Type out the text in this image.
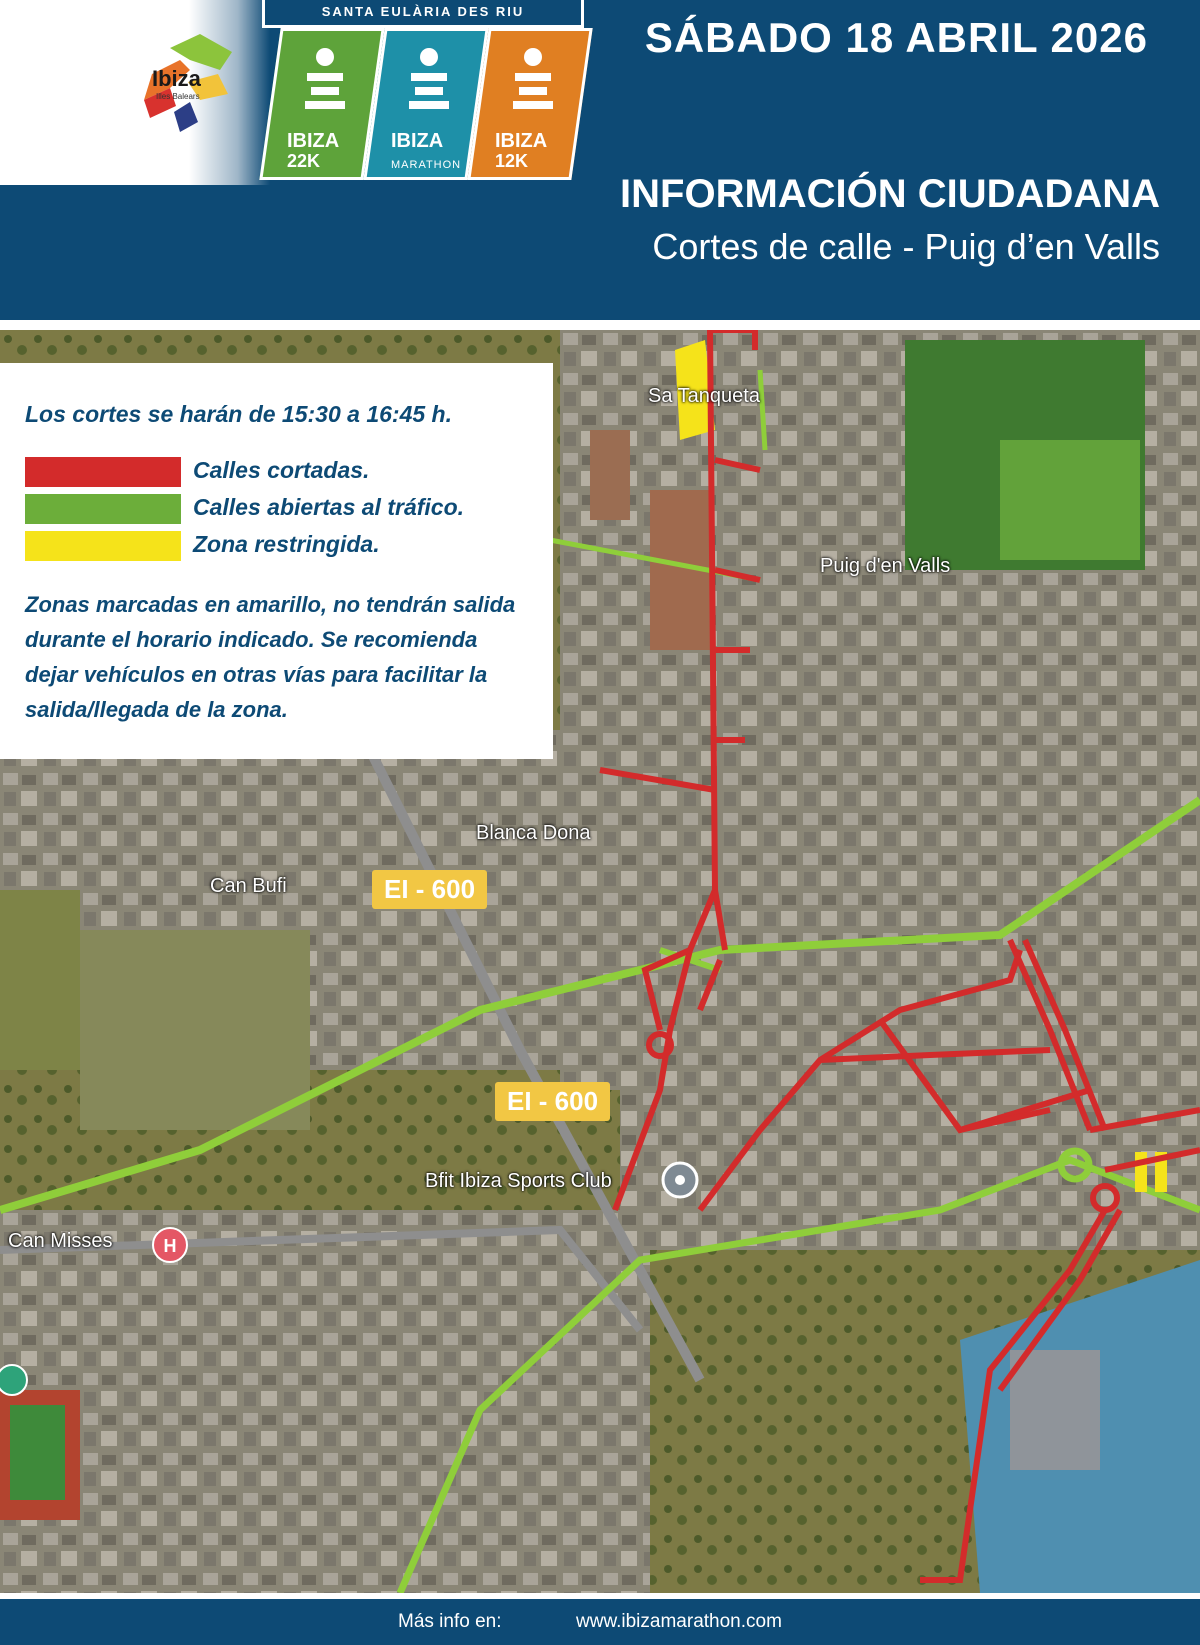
Ibiza
Illes Balears
SANTA EULÀRIA DES RIU
IBIZA
22K
IBIZA
MARATHON
IBIZA
12K
SÁBADO 18 ABRIL 2026
INFORMACIÓN CIUDADANA
Cortes de calle - Puig d’en Valls
H
Sa Tanqueta
Puig d'en Valls
Blanca Dona
Can Bufi
Bfit Ibiza Sports Club
Can Misses
EI - 600
EI - 600
Los cortes se harán de 15:30 a 16:45 h.
Calles cortadas.
Calles abiertas al tráfico.
Zona restringida.
Zonas marcadas en amarillo, no tendrán salida durante el horario indicado. Se recomienda dejar vehículos en otras vías para facilitar la salida/llegada de la zona.
Más info en:	www.ibizamarathon.com
